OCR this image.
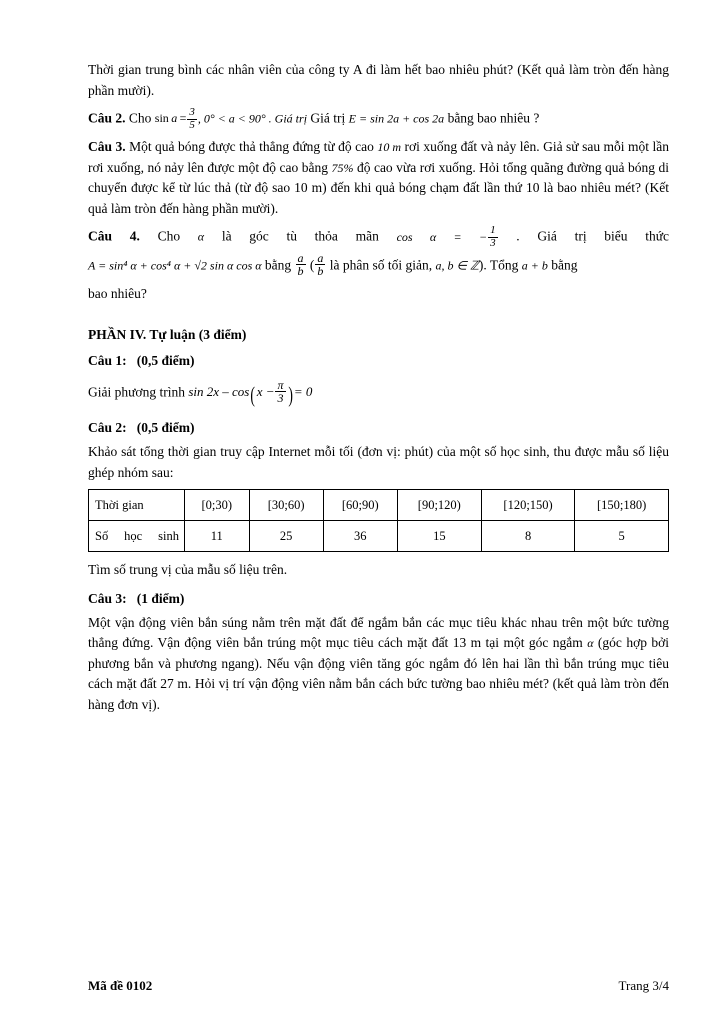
Thời gian trung bình các nhân viên của công ty A đi làm hết bao nhiêu phút? (Kết quả làm tròn đến hàng phần mười).

Câu 2. Cho $\sin a = \frac{3}{5}$ , 0° < a < 90° . Giá trị Giá trị E = sin 2a + cos 2a bằng bao nhiêu ?

Câu 3. Một quả bóng được thả thẳng đứng từ độ cao 10 m rơi xuống đất và nảy lên. Giả sử sau mỗi một lần rơi xuống, nó nảy lên được một độ cao bằng 75% độ cao vừa rơi xuống. Hỏi tổng quãng đường quả bóng di chuyển được kể từ lúc thả (từ độ sao 10 m) đến khi quả bóng chạm đất lần thứ 10 là bao nhiêu mét? (Kết quả làm tròn đến hàng phần mười).

Câu 4. Cho α là góc tù thỏa mãn cos α = − $\frac{1}{3}$ . Giá trị biểu thức

A = sin⁴ α + cos⁴ α + √2 sin α cos α bằng $\frac{a}{b}$ ( $\frac{a}{b}$ là phân số tối giản, a, b ∈ ℤ). Tổng a + b bằng

bao nhiêu?

PHẦN IV. Tự luận (3 điểm)
Câu 1: (0,5 điểm)
Giải phương trình $\sin 2x - \cos(x - \frac{\pi}{3}$ )= 0
Câu 2: (0,5 điểm)

Khảo sát tổng thời gian truy cập Internet mỗi tối (đơn vị: phút) của một số học sinh, thu được mẫu số liệu ghép nhóm sau:

Thời gian	[0;30)	[30;60)	[60;90)	[90;120)	[120;150)	[150;180)
Số học sinh	11	25	36	15	8	5

Tìm số trung vị của mẫu số liệu trên.

Câu 3: (1 điểm)

Một vận động viên bắn súng nằm trên mặt đất để ngắm bắn các mục tiêu khác nhau trên một bức tường thẳng đứng. Vận động viên bắn trúng một mục tiêu cách mặt đất 13 m tại một góc ngắm α (góc hợp bởi phương bắn và phương ngang). Nếu vận động viên tăng góc ngắm đó lên hai lần thì bắn trúng mục tiêu cách mặt đất 27 m. Hỏi vị trí vận động viên nằm bắn cách bức tường bao nhiêu mét? (kết quả làm tròn đến hàng đơn vị).

Mã đề 0102	Trang 3/4
